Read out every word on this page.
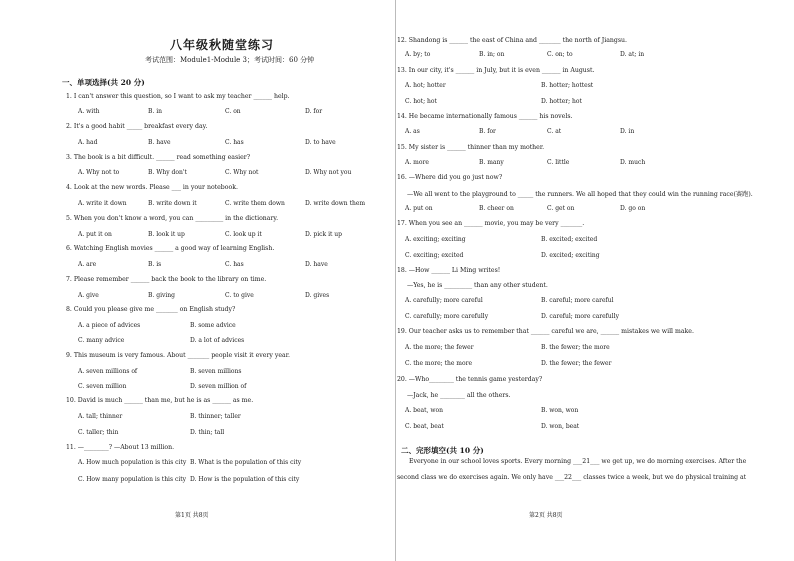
八年级秋随堂练习
考试范围：Module1-Module 3；考试时间：60 分钟
一、单项选择(共 20 分)
1. I can't answer this question, so I want to ask my teacher ______ help.
A. with	B. in	C. on	D. for
2. It's a good habit _____ breakfast every day.
A. had	B. have	C. has	D. to have
3. The book is a bit difficult. ______ read something easier?
A. Why not to	B. Why don't	C. Why not	D. Why not you
4. Look at the new words. Please ___ in your notebook.
A. write it down	B. write down it	C. write them down	D. write down them
5. When you don't know a word, you can _________ in the dictionary.
A. put it on	B. look it up	C. look up it	D. pick it up
6. Watching English movies ______ a good way of learning English.
A. are	B. is	C. has	D. have
7. Please remember ______ back the book to the library on time.
A. give	B. giving	C. to give	D. gives
8. Could you please give me _______ on English study?
A. a piece of advices	B. some advice
C. many advice	D. a lot of advices
9. This museum is very famous. About _______ people visit it every year.
A. seven millions of	B. seven millions
C. seven million	D. seven million of
10. David is much ______ than me, but he is as ______ as me.
A. tall; thinner	B. thinner; taller
C. taller; thin	D. thin; tall
11. —________? —About 13 million.
A. How much population is this city B. What is the population of this city
C. How many population is this city D. How is the population of this city
第1页 共8页
12. Shandong is ______ the east of China and _______ the north of Jiangsu.
A. by; to	B. in; on	C. on; to	D. at; in
13. In our city, it's ______ in July, but it is even ______ in August.
A. hot; hotter	B. hotter; hottest
C. hot; hot	D. hotter; hot
14. He became internationally famous ______ his novels.
A. as	B. for	C. at	D. in
15. My sister is ______ thinner than my mother.
A. more	B. many	C. little	D. much
16. —Where did you go just now?
—We all went to the playground to _____ the runners. We all hoped that they could win the running race(赛跑).
A. put on	B. cheer on	C. get on	D. go on
17. When you see an ______ movie, you may be very _______.
A. exciting; exciting	B. excited; excited
C. exciting; excited	D. excited; exciting
18. —How ______ Li Ming writes!
—Yes, he is _________ than any other student.
A. carefully; more careful	B. careful; more careful
C. carefully; more carefully	D. careful; more carefully
19. Our teacher asks us to remember that ______ careful we are, ______ mistakes we will make.
A. the more; the fewer	B. the fewer; the more
C. the more; the more	D. the fewer; the fewer
20. —Who________ the tennis game yesterday?
—Jack, he ________ all the others.
A. beat, won	B. won, won
C. beat, beat	D. won, beat
二、完形填空(共 10 分)
Everyone in our school loves sports. Every morning ___21___ we get up, we do morning exercises. After the
second class we do exercises again. We only have ___22___ classes twice a week, but we do physical training at
第2页 共8页
